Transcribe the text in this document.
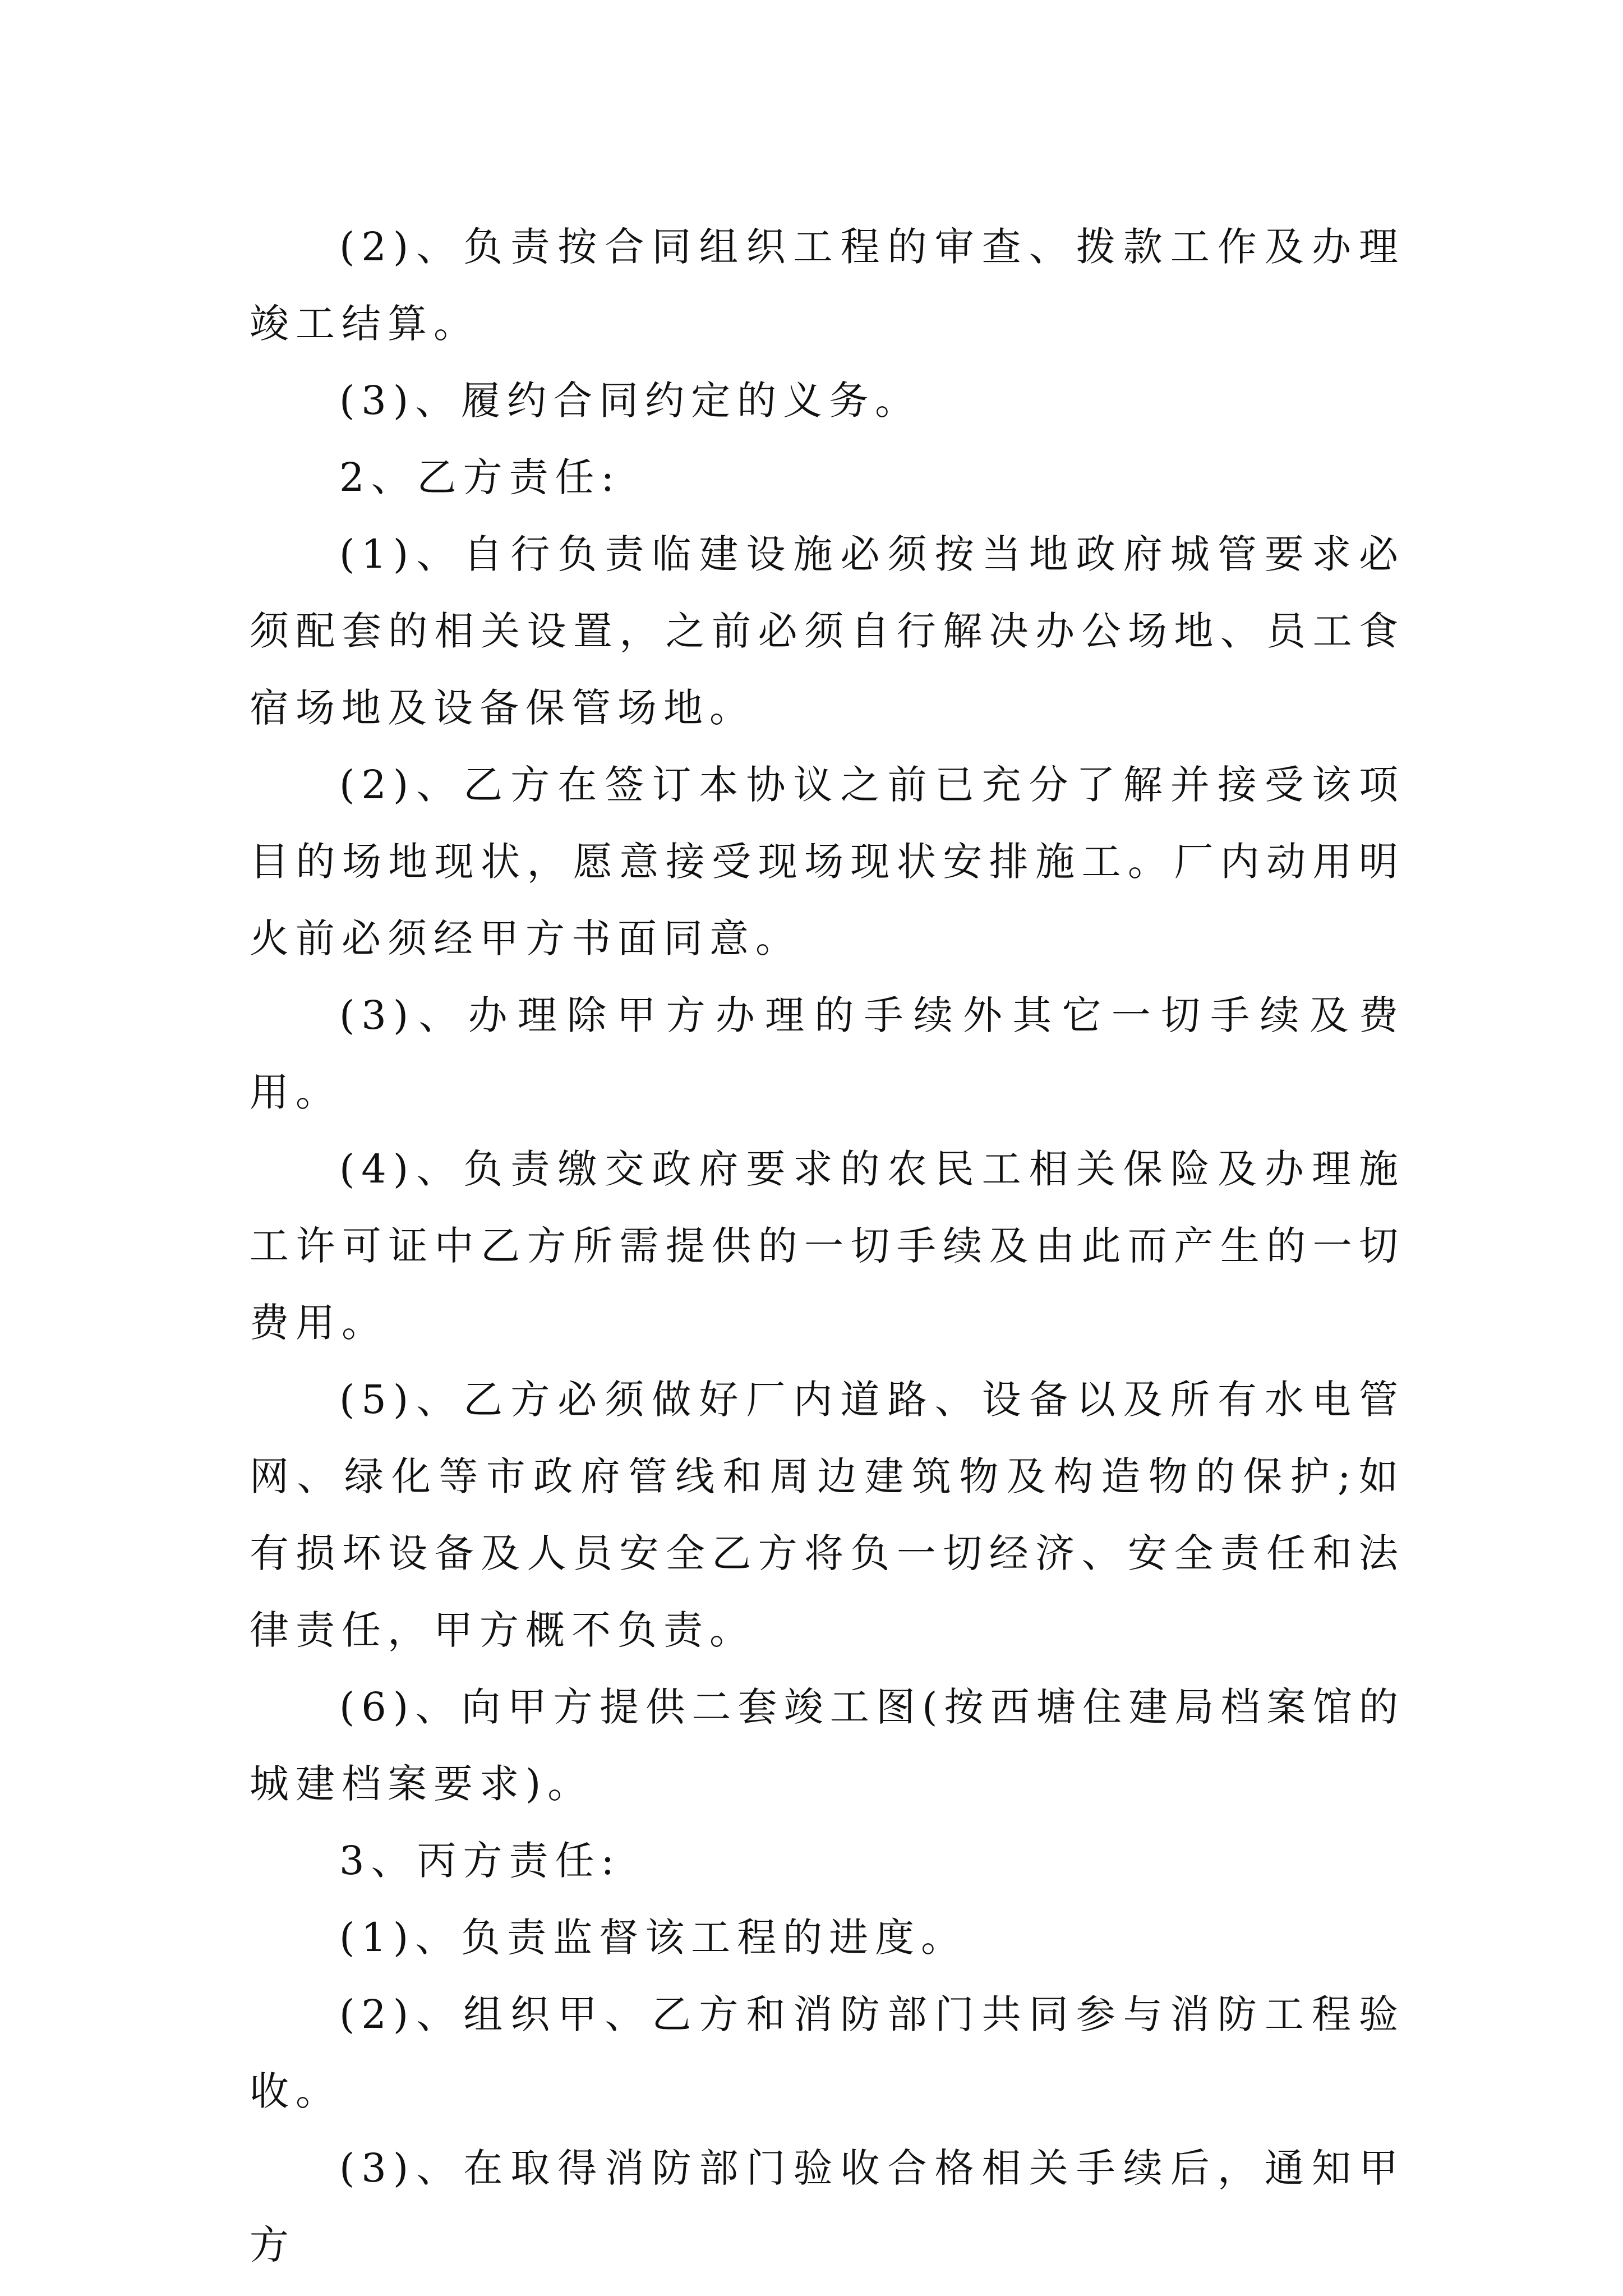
(2)、负责按合同组织工程的审查、拨款工作及办理竣工结算。

(3)、履约合同约定的义务。

2、乙方责任:

(1)、自行负责临建设施必须按当地政府城管要求必须配套的相关设置，之前必须自行解决办公场地、员工食宿场地及设备保管场地。

(2)、乙方在签订本协议之前已充分了解并接受该项目的场地现状，愿意接受现场现状安排施工。厂内动用明火前必须经甲方书面同意。

(3)、办理除甲方办理的手续外其它一切手续及费用。

(4)、负责缴交政府要求的农民工相关保险及办理施工许可证中乙方所需提供的一切手续及由此而产生的一切费用。

(5)、乙方必须做好厂内道路、设备以及所有水电管网、绿化等市政府管线和周边建筑物及构造物的保护;如有损坏设备及人员安全乙方将负一切经济、安全责任和法律责任，甲方概不负责。

(6)、向甲方提供二套竣工图(按西塘住建局档案馆的城建档案要求)。

3、丙方责任:

(1)、负责监督该工程的进度。

(2)、组织甲、乙方和消防部门共同参与消防工程验收。

(3)、在取得消防部门验收合格相关手续后，通知甲方
